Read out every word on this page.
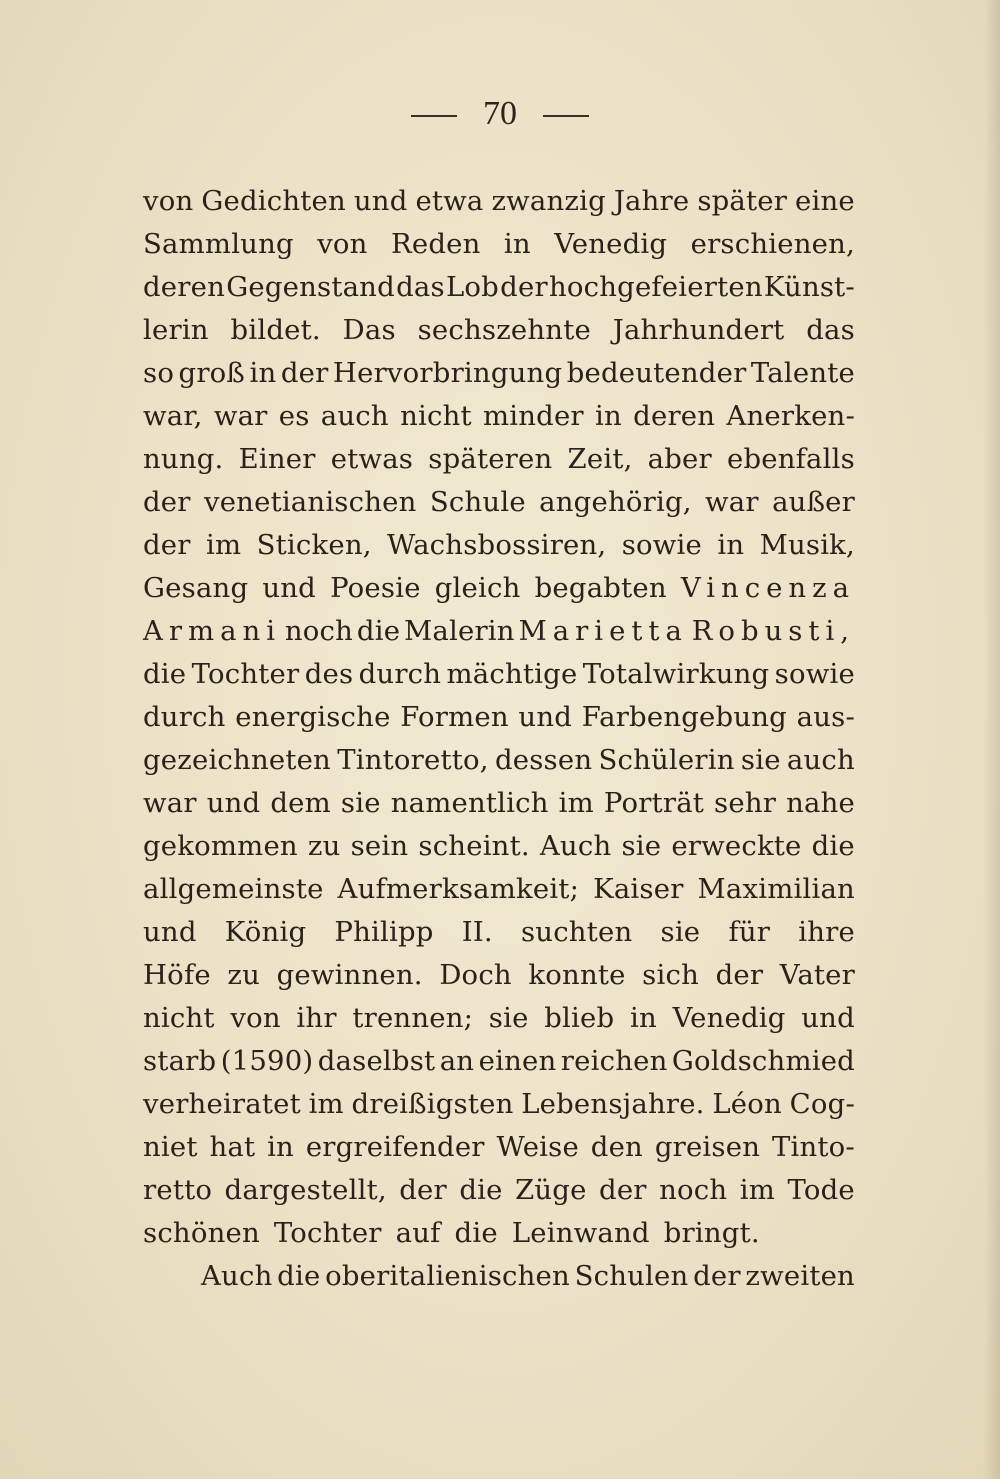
70
von Gedichten und etwa zwanzig Jahre später eine
Sammlung von Reden in Venedig erschienen,
deren Gegenstand das Lob der hochgefeierten Künst-
lerin bildet. Das sechszehnte Jahrhundert das
so groß in der Hervorbringung bedeutender Talente
war, war es auch nicht minder in deren Anerken-
nung. Einer etwas späteren Zeit, aber ebenfalls
der venetianischen Schule angehörig, war außer
der im Sticken, Wachsbossiren, sowie in Musik,
Gesang und Poesie gleich begabten Vincenza
Armani noch die Malerin Marietta Robusti,
die Tochter des durch mächtige Totalwirkung sowie
durch energische Formen und Farbengebung aus-
gezeichneten Tintoretto, dessen Schülerin sie auch
war und dem sie namentlich im Porträt sehr nahe
gekommen zu sein scheint. Auch sie erweckte die
allgemeinste Aufmerksamkeit; Kaiser Maximilian
und König Philipp II. suchten sie für ihre
Höfe zu gewinnen. Doch konnte sich der Vater
nicht von ihr trennen; sie blieb in Venedig und
starb (1590) daselbst an einen reichen Goldschmied
verheiratet im dreißigsten Lebensjahre. Léon Cog-
niet hat in ergreifender Weise den greisen Tinto-
retto dargestellt, der die Züge der noch im Tode
schönen Tochter auf die Leinwand bringt.
Auch die oberitalienischen Schulen der zweiten
